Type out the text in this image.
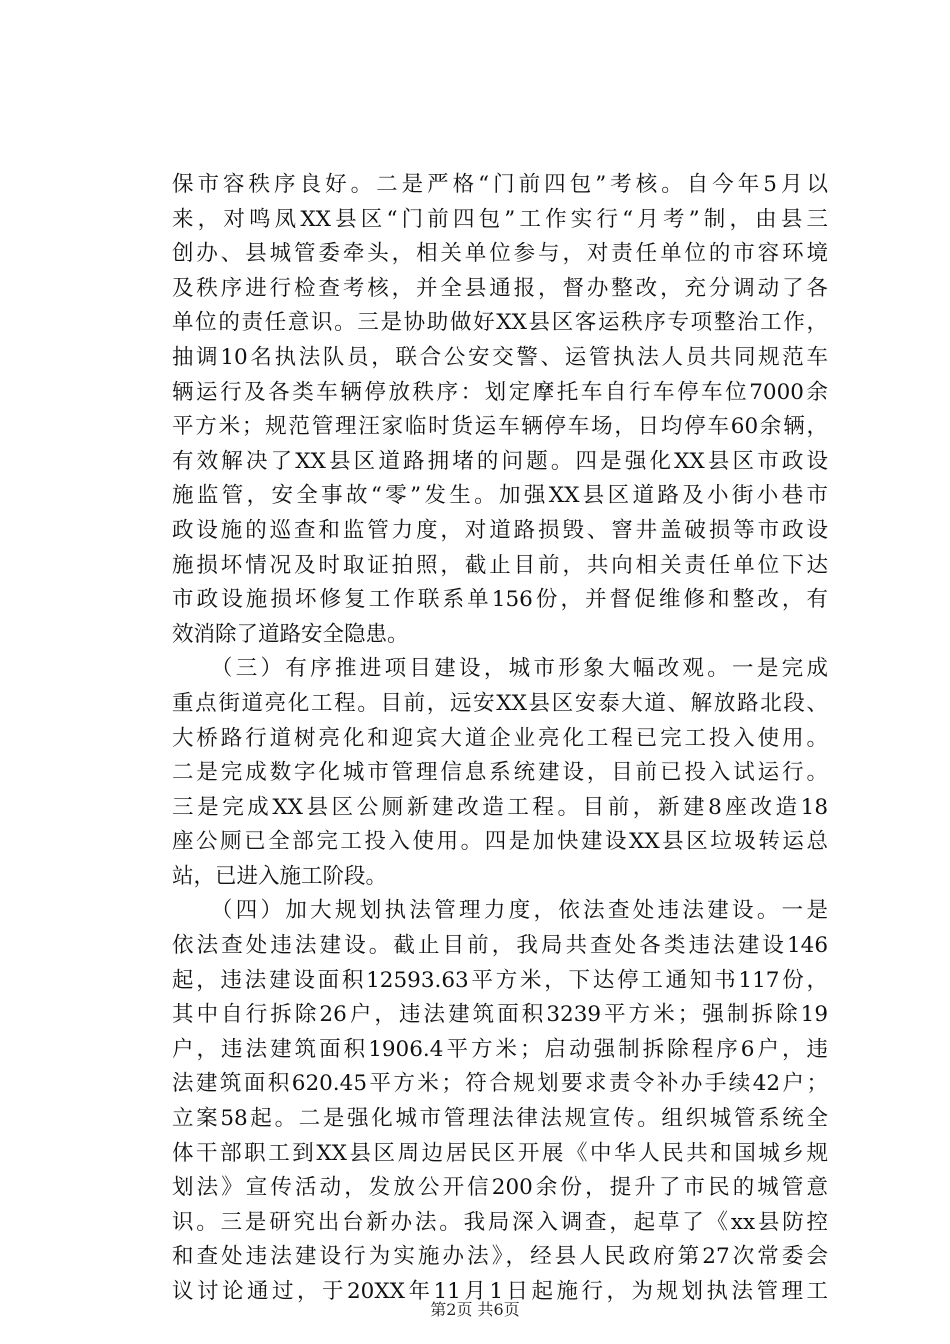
保市容秩序良好。二是严格“门前四包”考核。自今年5月以
来，对鸣凤XX县区“门前四包”工作实行“月考”制，由县三
创办、县城管委牵头，相关单位参与，对责任单位的市容环境
及秩序进行检查考核，并全县通报，督办整改，充分调动了各
单位的责任意识。三是协助做好XX县区客运秩序专项整治工作，
抽调10名执法队员，联合公安交警、运管执法人员共同规范车
辆运行及各类车辆停放秩序：划定摩托车自行车停车位7000余
平方米；规范管理汪家临时货运车辆停车场，日均停车60余辆，
有效解决了XX县区道路拥堵的问题。四是强化XX县区市政设
施监管，安全事故“零”发生。加强XX县区道路及小街小巷市
政设施的巡查和监管力度，对道路损毁、窨井盖破损等市政设
施损坏情况及时取证拍照，截止目前，共向相关责任单位下达
市政设施损坏修复工作联系单156份，并督促维修和整改，有
效消除了道路安全隐患。
　　（三）有序推进项目建设，城市形象大幅改观。一是完成
重点街道亮化工程。目前，远安XX县区安泰大道、解放路北段、
大桥路行道树亮化和迎宾大道企业亮化工程已完工投入使用。
二是完成数字化城市管理信息系统建设，目前已投入试运行。
三是完成XX县区公厕新建改造工程。目前，新建8座改造18
座公厕已全部完工投入使用。四是加快建设XX县区垃圾转运总
站，已进入施工阶段。
　　（四）加大规划执法管理力度，依法查处违法建设。一是
依法查处违法建设。截止目前，我局共查处各类违法建设146
起，违法建设面积12593.63平方米，下达停工通知书117份，
其中自行拆除26户，违法建筑面积3239平方米；强制拆除19
户，违法建筑面积1906.4平方米；启动强制拆除程序6户，违
法建筑面积620.45平方米；符合规划要求责令补办手续42户；
立案58起。二是强化城市管理法律法规宣传。组织城管系统全
体干部职工到XX县区周边居民区开展《中华人民共和国城乡规
划法》宣传活动，发放公开信200余份，提升了市民的城管意
识。三是研究出台新办法。我局深入调查，起草了《xx县防控
和查处违法建设行为实施办法》，经县人民政府第27次常委会
议讨论通过，于20XX年11月1日起施行，为规划执法管理工
第2页 共6页
